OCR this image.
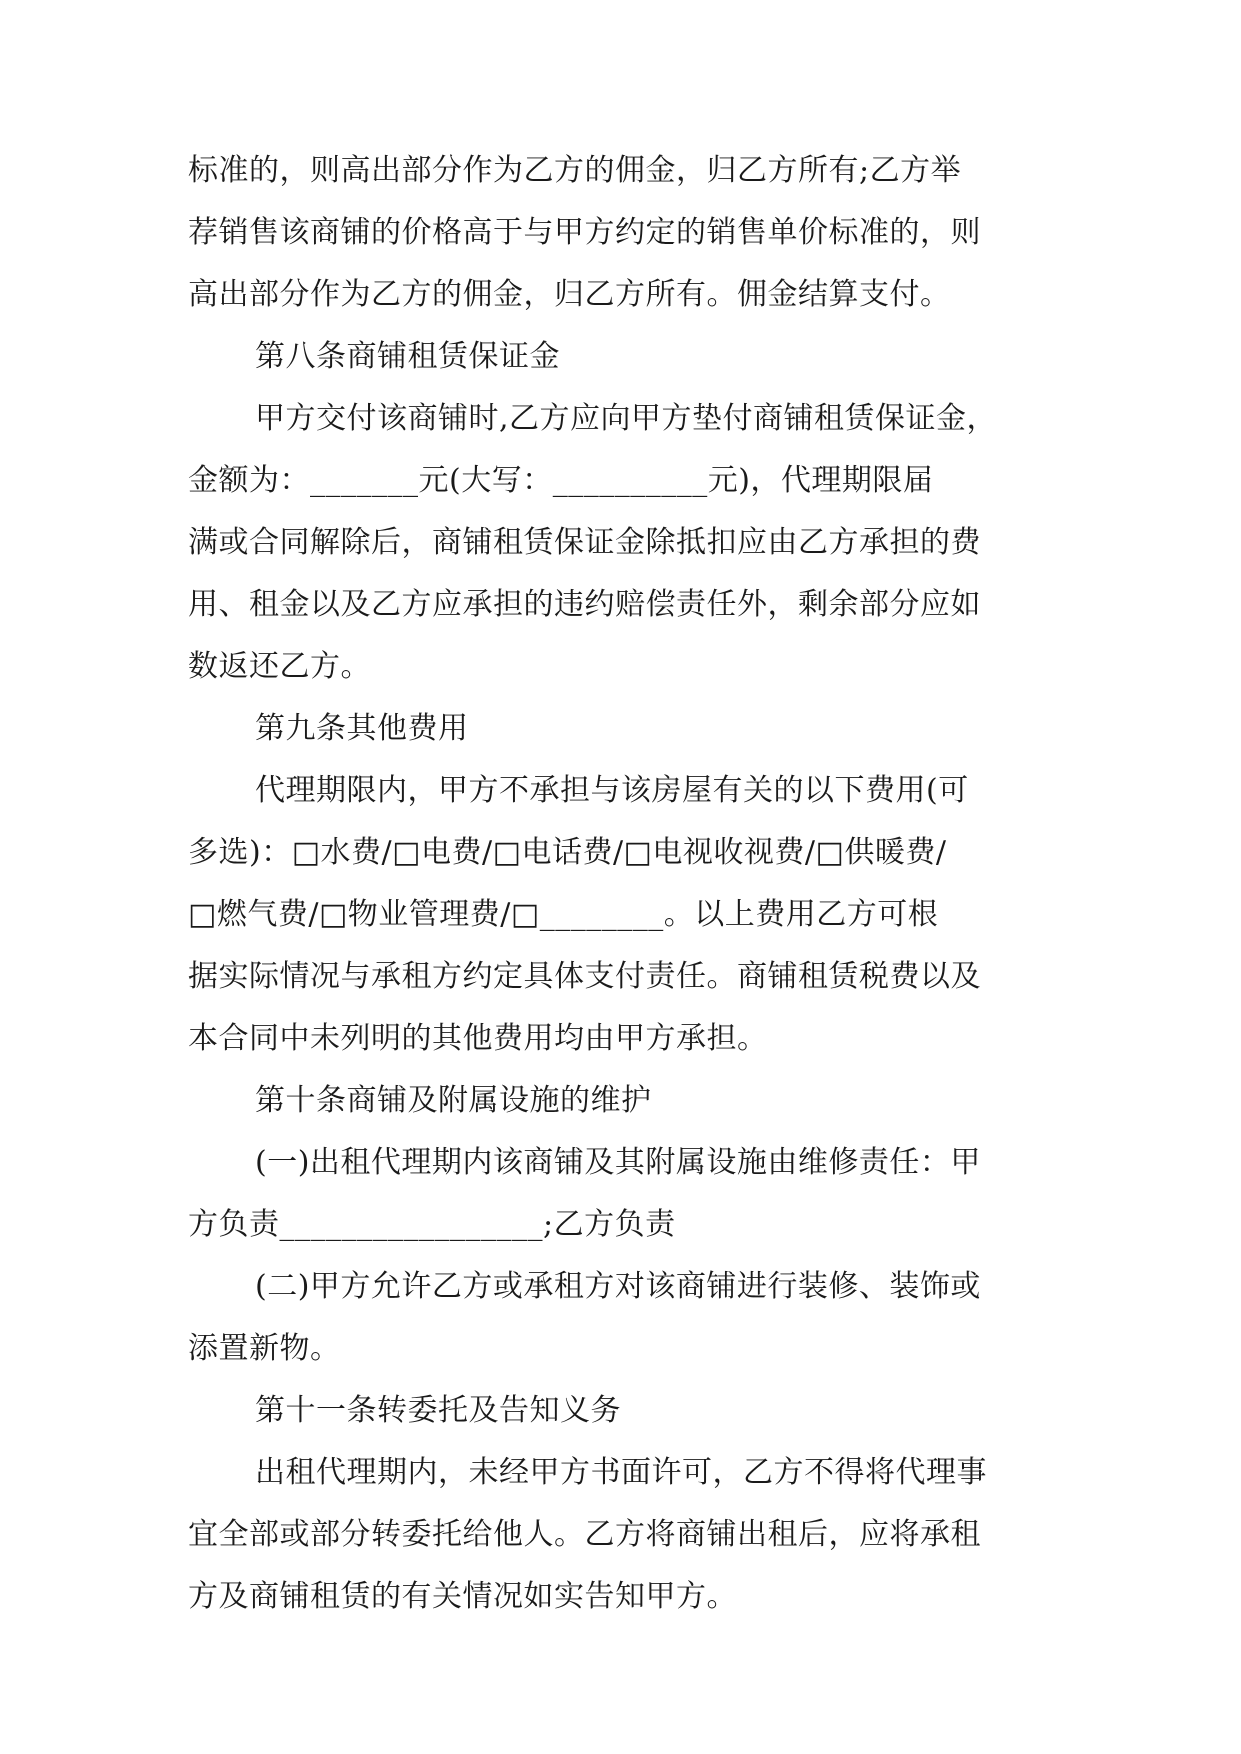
标准的，则高出部分作为乙方的佣金，归乙方所有;乙方举
荐销售该商铺的价格高于与甲方约定的销售单价标准的，则
高出部分作为乙方的佣金，归乙方所有。佣金结算支付。
第八条商铺租赁保证金
甲方交付该商铺时,乙方应向甲方垫付商铺租赁保证金，
金额为：_______元(大写：__________元)，代理期限届
满或合同解除后，商铺租赁保证金除抵扣应由乙方承担的费
用、租金以及乙方应承担的违约赔偿责任外，剩余部分应如
数返还乙方。
第九条其他费用
代理期限内，甲方不承担与该房屋有关的以下费用(可
多选)：□水费/□电费/□电话费/□电视收视费/□供暖费/
□燃气费/□物业管理费/□________。以上费用乙方可根
据实际情况与承租方约定具体支付责任。商铺租赁税费以及
本合同中未列明的其他费用均由甲方承担。
第十条商铺及附属设施的维护
(一)出租代理期内该商铺及其附属设施由维修责任：甲
方负责_________________;乙方负责
(二)甲方允许乙方或承租方对该商铺进行装修、装饰或
添置新物。
第十一条转委托及告知义务
出租代理期内，未经甲方书面许可，乙方不得将代理事
宜全部或部分转委托给他人。乙方将商铺出租后，应将承租
方及商铺租赁的有关情况如实告知甲方。
